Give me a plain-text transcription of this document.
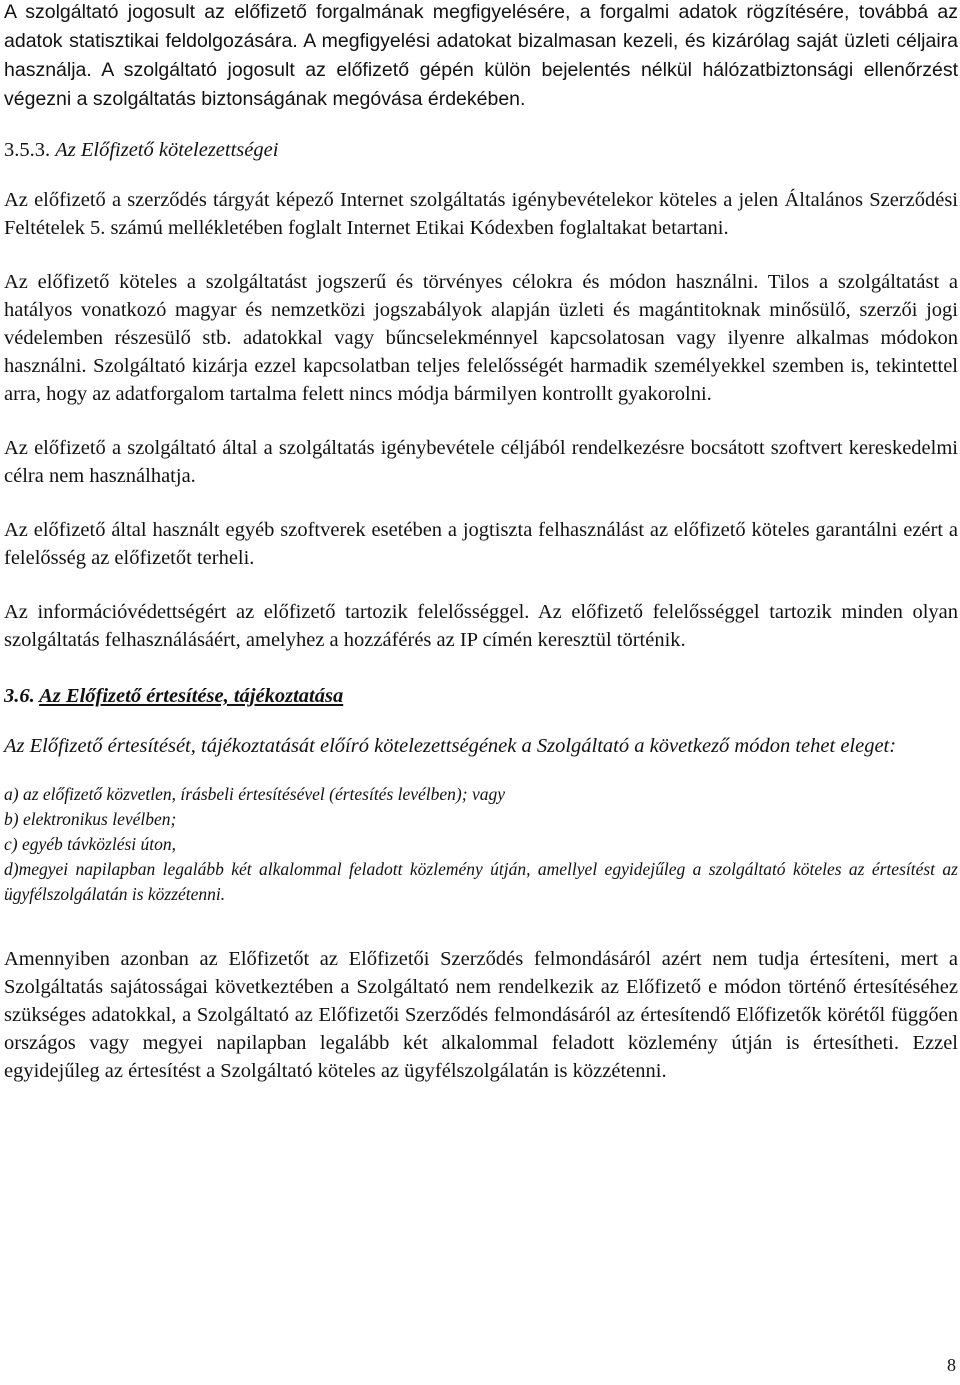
A szolgáltató jogosult az előfizető forgalmának megfigyelésére, a forgalmi adatok rögzítésére, továbbá az adatok statisztikai feldolgozására. A megfigyelési adatokat bizalmasan kezeli, és kizárólag saját üzleti céljaira használja. A szolgáltató jogosult az előfizető gépén külön bejelentés nélkül hálózatbiztonsági ellenőrzést végezni a szolgáltatás biztonságának megóvása érdekében.

3.5.3. Az Előfizető kötelezettségei

Az előfizető a szerződés tárgyát képező Internet szolgáltatás igénybevételekor köteles a jelen Általános Szerződési Feltételek 5. számú mellékletében foglalt Internet Etikai Kódexben foglaltakat betartani.

Az előfizető köteles a szolgáltatást jogszerű és törvényes célokra és módon használni. Tilos a szolgáltatást a hatályos vonatkozó magyar és nemzetközi jogszabályok alapján üzleti és magántitoknak minősülő, szerzői jogi védelemben részesülő stb. adatokkal vagy bűncselekménnyel kapcsolatosan vagy ilyenre alkalmas módokon használni. Szolgáltató kizárja ezzel kapcsolatban teljes felelősségét harmadik személyekkel szemben is, tekintettel arra, hogy az adatforgalom tartalma felett nincs módja bármilyen kontrollt gyakorolni.

Az előfizető a szolgáltató által a szolgáltatás igénybevétele céljából rendelkezésre bocsátott szoftvert kereskedelmi célra nem használhatja.

Az előfizető által használt egyéb szoftverek esetében a jogtiszta felhasználást az előfizető köteles garantálni ezért a felelősség az előfizetőt terheli.

Az információvédettségért az előfizető tartozik felelősséggel. Az előfizető felelősséggel tartozik minden olyan szolgáltatás felhasználásáért, amelyhez a hozzáférés az IP címén keresztül történik.

3.6. Az Előfizető értesítése, tájékoztatása

Az Előfizető értesítését, tájékoztatását előíró kötelezettségének a Szolgáltató a következő módon tehet eleget:

a) az előfizető közvetlen, írásbeli értesítésével (értesítés levélben); vagy

b) elektronikus levélben;

c) egyéb távközlési úton,

d)megyei napilapban legalább két alkalommal feladott közlemény útján, amellyel egyidejűleg a szolgáltató köteles az értesítést az ügyfélszolgálatán is közzétenni.

Amennyiben azonban az Előfizetőt az Előfizetői Szerződés felmondásáról azért nem tudja értesíteni, mert a Szolgáltatás sajátosságai következtében a Szolgáltató nem rendelkezik az Előfizető e módon történő értesítéséhez szükséges adatokkal, a Szolgáltató az Előfizetői Szerződés felmondásáról az értesítendő Előfizetők körétől függően országos vagy megyei napilapban legalább két alkalommal feladott közlemény útján is értesítheti. Ezzel egyidejűleg az értesítést a Szolgáltató köteles az ügyfélszolgálatán is közzétenni.

8
